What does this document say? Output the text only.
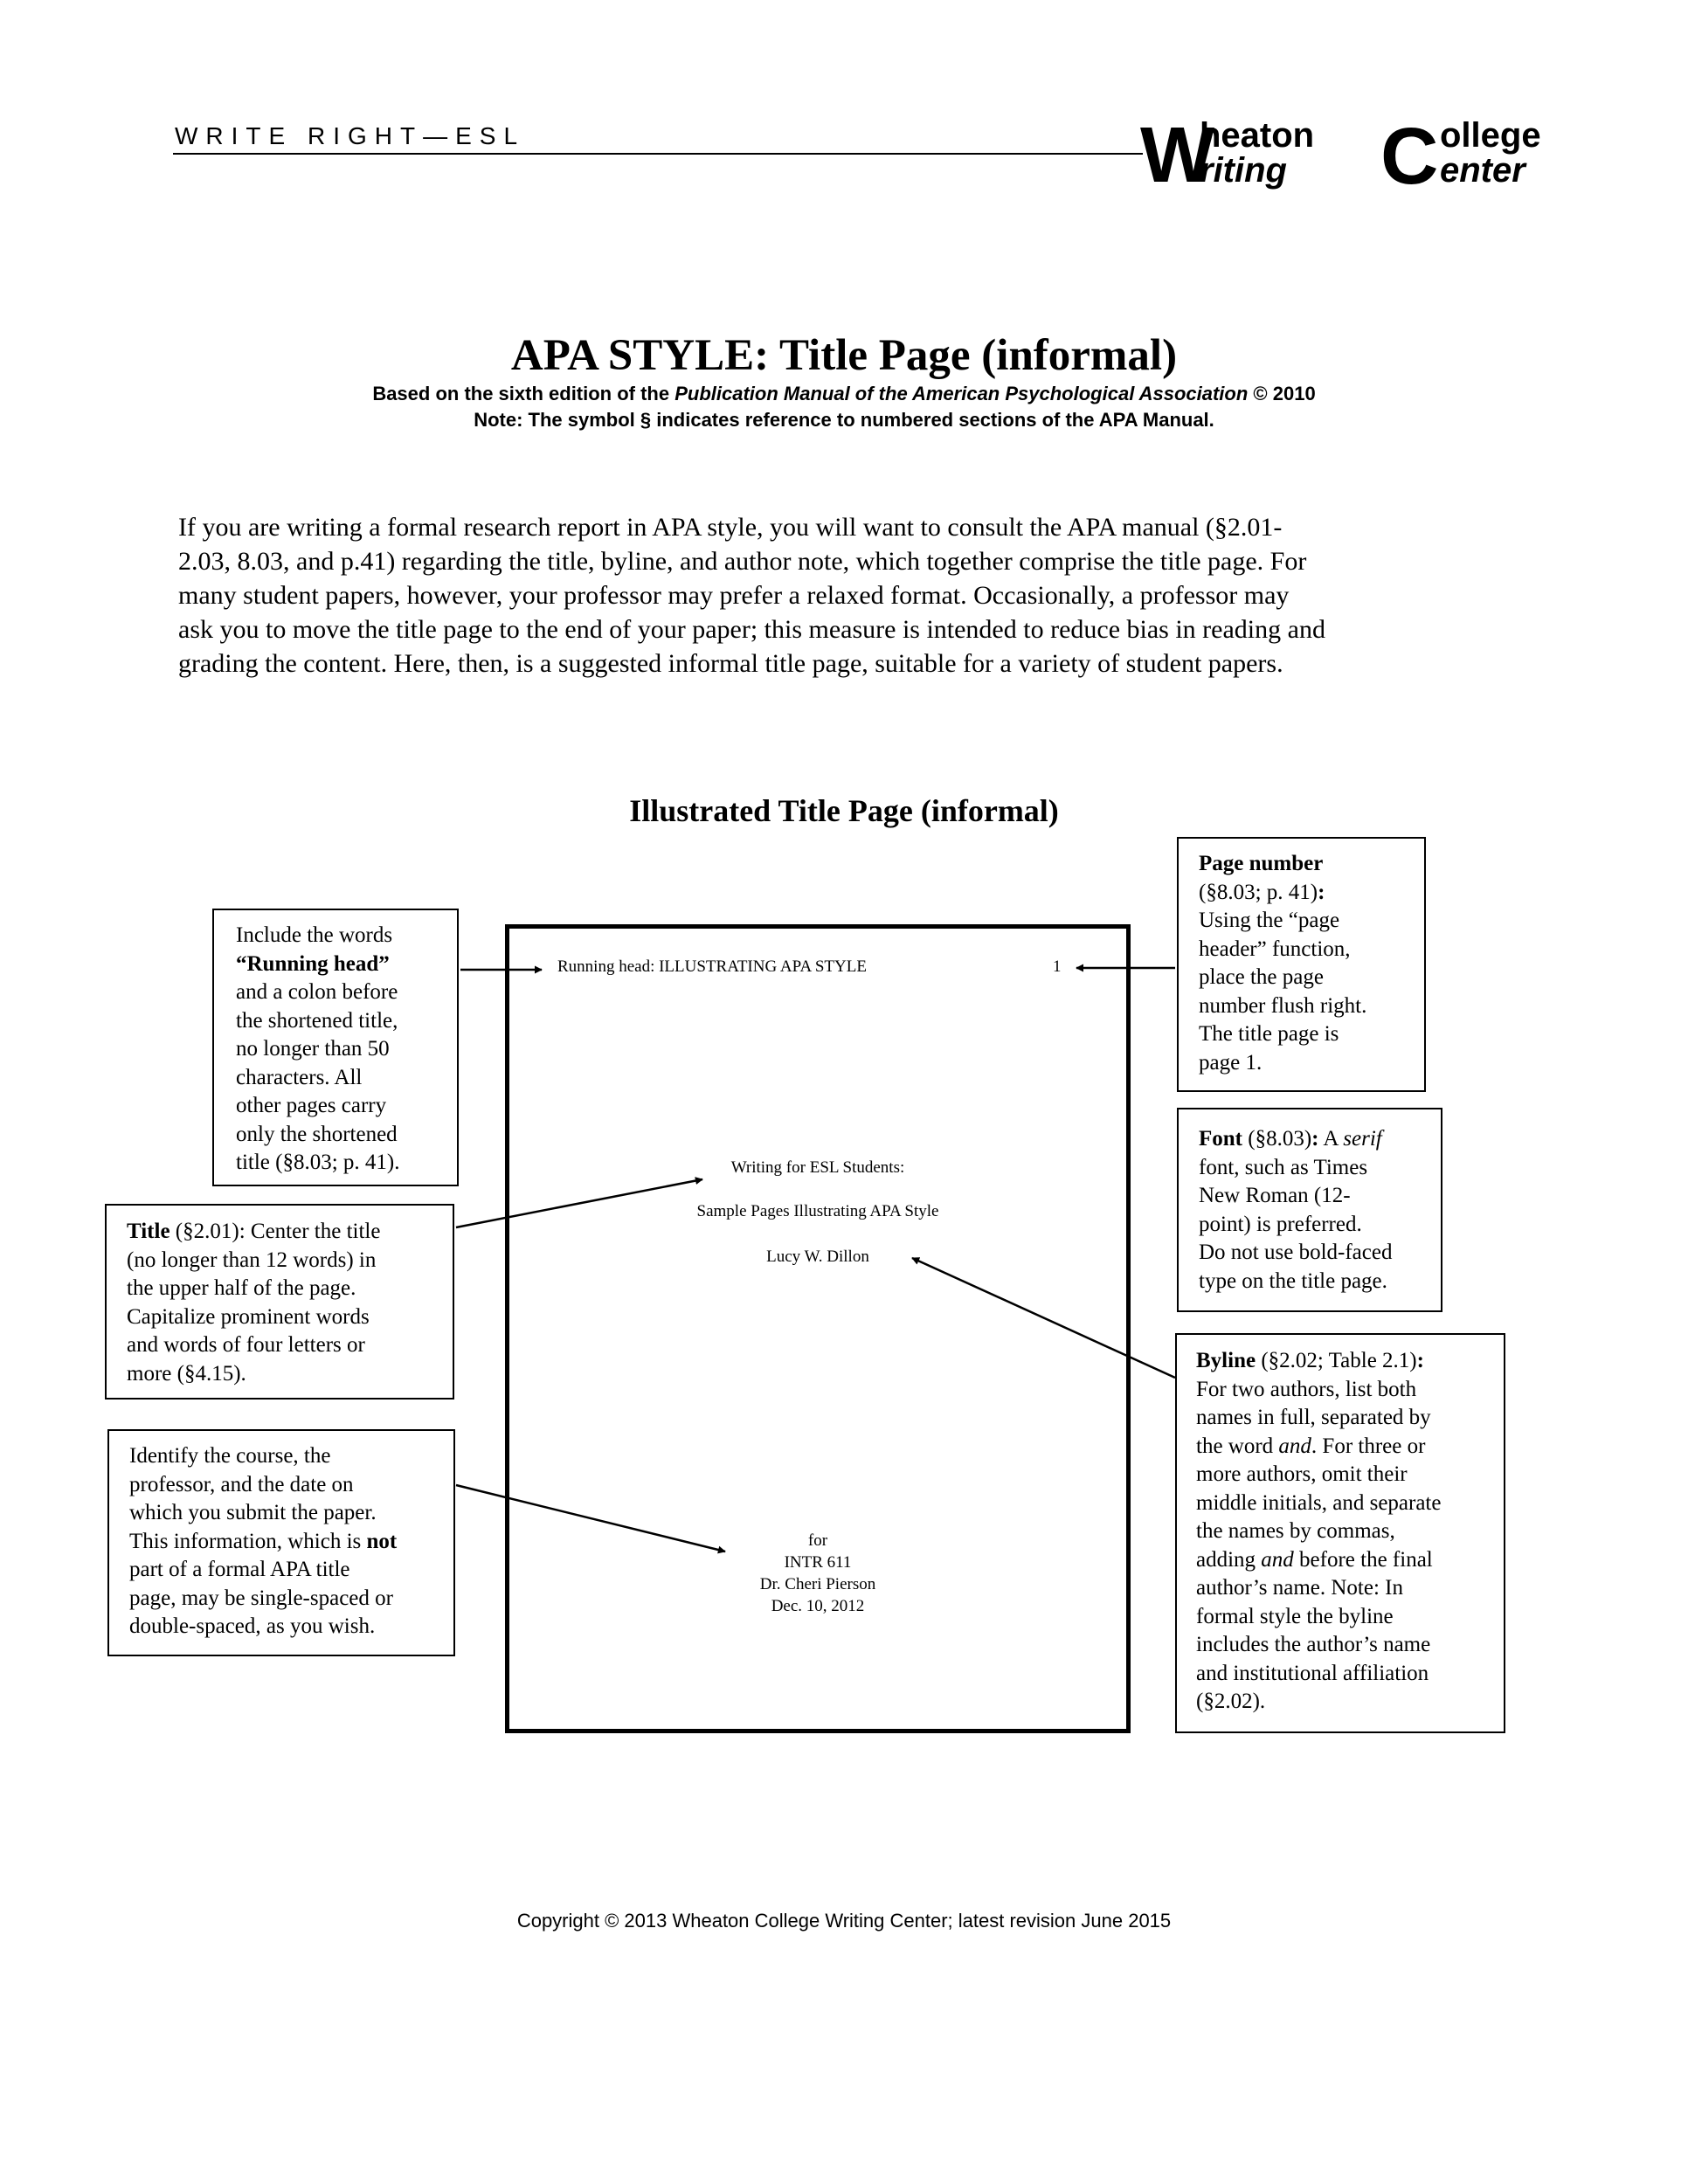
WRITE RIGHT—ESL	W
heaton
riting C ollege
enter
APA STYLE: Title Page (informal)
Based on the sixth edition of the Publication Manual of the American Psychological Association © 2010
Note: The symbol § indicates reference to numbered sections of the APA Manual.
If you are writing a formal research report in APA style, you will want to consult the APA manual (§2.01-
2.03, 8.03, and p.41) regarding the title, byline, and author note, which together comprise the title page. For
many student papers, however, your professor may prefer a relaxed format. Occasionally, a professor may
ask you to move the title page to the end of your paper; this measure is intended to reduce bias in reading and
grading the content. Here, then, is a suggested informal title page, suitable for a variety of student papers.
Illustrated Title Page (informal)
Running head: ILLUSTRATING APA STYLE	1
Writing for ESL Students:
Sample Pages Illustrating APA Style
Lucy W. Dillon
for
INTR 611
Dr. Cheri Pierson
Dec. 10, 2012
Include the words
“Running head”
and a colon before
the shortened title,
no longer than 50
characters. All
other pages carry
only the shortened
title (§8.03; p. 41).
Title (§2.01): Center the title
(no longer than 12 words) in
the upper half of the page.
Capitalize prominent words
and words of four letters or
more (§4.15).
Identify the course, the
professor, and the date on
which you submit the paper.
This information, which is not
part of a formal APA title
page, may be single-spaced or
double-spaced, as you wish.
Page number
(§8.03; p. 41):
Using the “page
header” function,
place the page
number flush right.
The title page is
page 1.
Font (§8.03): A serif
font, such as Times
New Roman (12-
point) is preferred.
Do not use bold-faced
type on the title page.
Byline (§2.02; Table 2.1):
For two authors, list both
names in full, separated by
the word and. For three or
more authors, omit their
middle initials, and separate
the names by commas,
adding and before the final
author’s name. Note: In
formal style the byline
includes the author’s name
and institutional affiliation
(§2.02).
Copyright © 2013 Wheaton College Writing Center; latest revision June 2015
